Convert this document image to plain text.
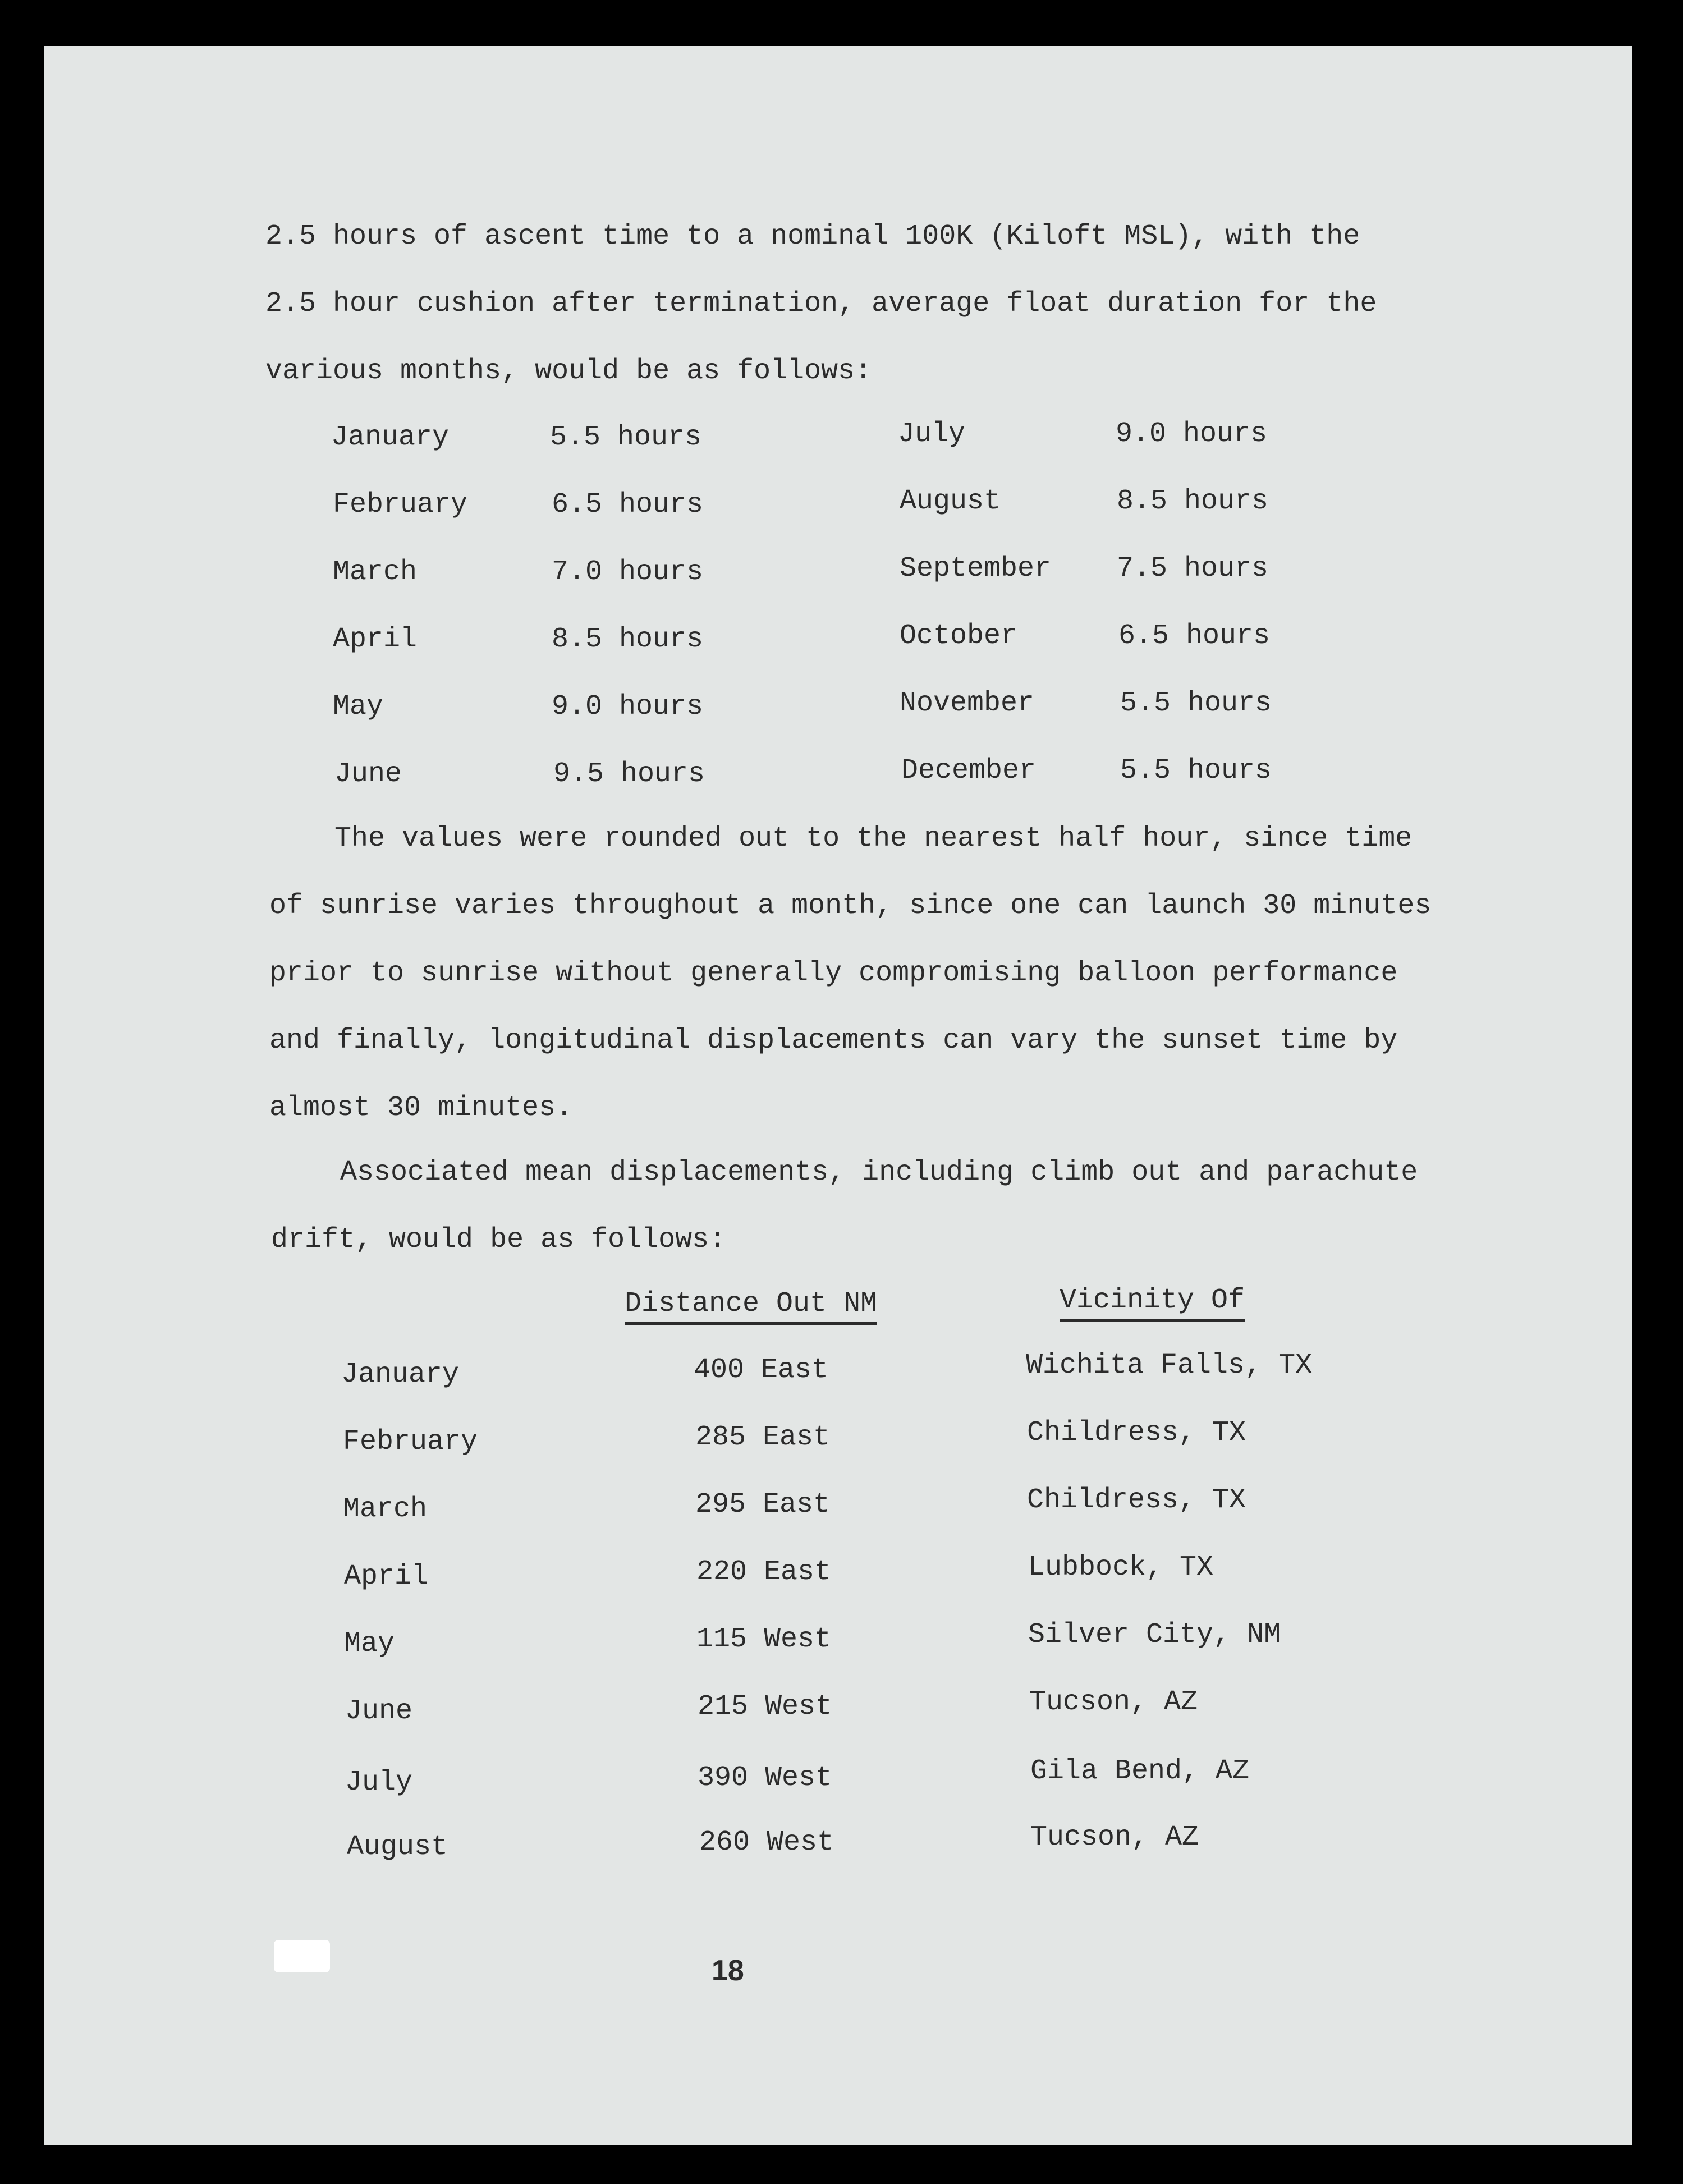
2.5 hours of ascent time to a nominal 100K (Kiloft MSL), with the
2.5 hour cushion after termination, average float duration for the
various months, would be as follows:
January	5.5 hours	July	9.0 hours
February	6.5 hours	August	8.5 hours
March	7.0 hours	September 7.5 hours
April	8.5 hours	October	6.5 hours
May	9.0 hours	November	5.5 hours
June	9.5 hours	December	5.5 hours
The values were rounded out to the nearest half hour, since time
of sunrise varies throughout a month, since one can launch 30 minutes
prior to sunrise without generally compromising balloon performance
and finally, longitudinal displacements can vary the sunset time by
almost 30 minutes.
Associated mean displacements, including climb out and parachute
drift, would be as follows:
Distance Out NM	Vicinity Of
January	400 East	Wichita Falls, TX
February	285 East	Childress, TX
March	295 East	Childress, TX
April	220 East	Lubbock, TX
May	115 West	Silver City, NM
June	215 West	Tucson, AZ
July	390 West	Gila Bend, AZ
August	260 West	Tucson, AZ
18
